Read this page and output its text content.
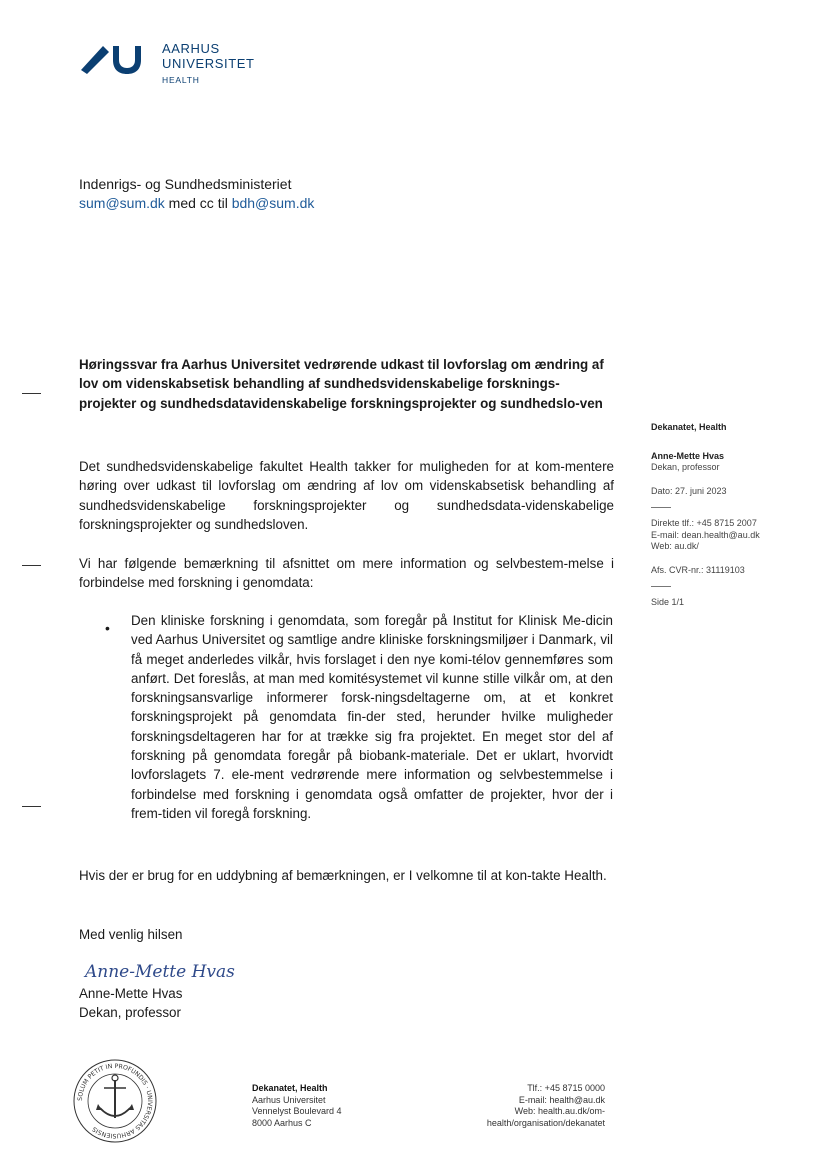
AARHUS
UNIVERSITET
HEALTH
Indenrigs- og Sundhedsministeriet
sum@sum.dk med cc til bdh@sum.dk
Høringssvar fra Aarhus Universitet vedrørende udkast til lovforslag om ændring af lov om videnskabsetisk behandling af sundhedsvidenskabelige forsknings-projekter og sundhedsdatavidenskabelige forskningsprojekter og sundhedslo-ven

Det sundhedsvidenskabelige fakultet Health takker for muligheden for at kom-mentere høring over udkast til lovforslag om ændring af lov om videnskabsetisk behandling af sundhedsvidenskabelige forskningsprojekter og sundhedsdata-videnskabelige forskningsprojekter og sundhedsloven.

Vi har følgende bemærkning til afsnittet om mere information og selvbestem-melse i forbindelse med forskning i genomdata:

• Den kliniske forskning i genomdata, som foregår på Institut for Klinisk Me-dicin ved Aarhus Universitet og samtlige andre kliniske forskningsmiljøer i Danmark, vil få meget anderledes vilkår, hvis forslaget i den nye komi-télov gennemføres som anført. Det foreslås, at man med komitésystemet vil kunne stille vilkår om, at den forskningsansvarlige informerer forsk-ningsdeltagerne om, at et konkret forskningsprojekt på genomdata fin-der sted, herunder hvilke muligheder forskningsdeltageren har for at trække sig fra projektet. En meget stor del af forskning på genomdata foregår på biobank-materiale. Det er uklart, hvorvidt lovforslagets 7. ele-ment vedrørende mere information og selvbestemmelse i forbindelse med forskning i genomdata også omfatter de projekter, hvor der i frem-tiden vil foregå forskning.

Hvis der er brug for en uddybning af bemærkningen, er I velkomne til at kon-takte Health.

Med venlig hilsen

Anne-Mette Hvas
Anne-Mette Hvas
Dekan, professor
Dekanatet, Health
Anne-Mette Hvas
Dekan, professor
Dato: 27. juni 2023
Direkte tlf.: +45 8715 2007
E-mail: dean.health@au.dk
Web: au.dk/
Afs. CVR-nr.: 31119103
Side 1/1
SOLUM PETIT IN PROFUNDIS · UNIVERSITAS ARHUSIENSIS
Dekanatet, Health
Aarhus Universitet
Vennelyst Boulevard 4
8000 Aarhus C
Tlf.: +45 8715 0000
E-mail: health@au.dk
Web: health.au.dk/om-
health/organisation/dekanatet
